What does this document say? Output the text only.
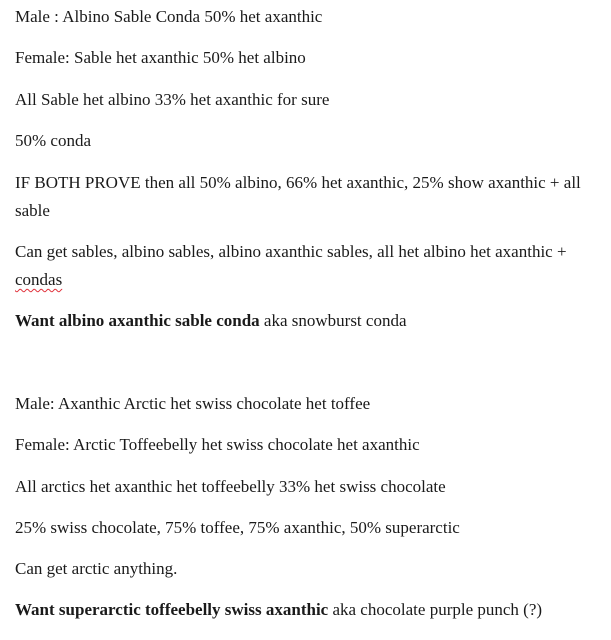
Male : Albino Sable Conda 50% het axanthic
Female: Sable het axanthic 50% het albino
All Sable het albino 33% het axanthic for sure
50% conda
IF BOTH PROVE then all 50% albino, 66% het axanthic, 25% show axanthic + all sable
Can get sables, albino sables, albino axanthic sables, all het albino het axanthic + condas
Want albino axanthic sable conda aka snowburst conda
Male: Axanthic Arctic het swiss chocolate het toffee
Female: Arctic Toffeebelly het swiss chocolate het axanthic
All arctics het axanthic het toffeebelly 33% het swiss chocolate
25% swiss chocolate, 75% toffee, 75% axanthic, 50% superarctic
Can get arctic anything.
Want superarctic toffeebelly swiss axanthic aka chocolate purple punch (?)
